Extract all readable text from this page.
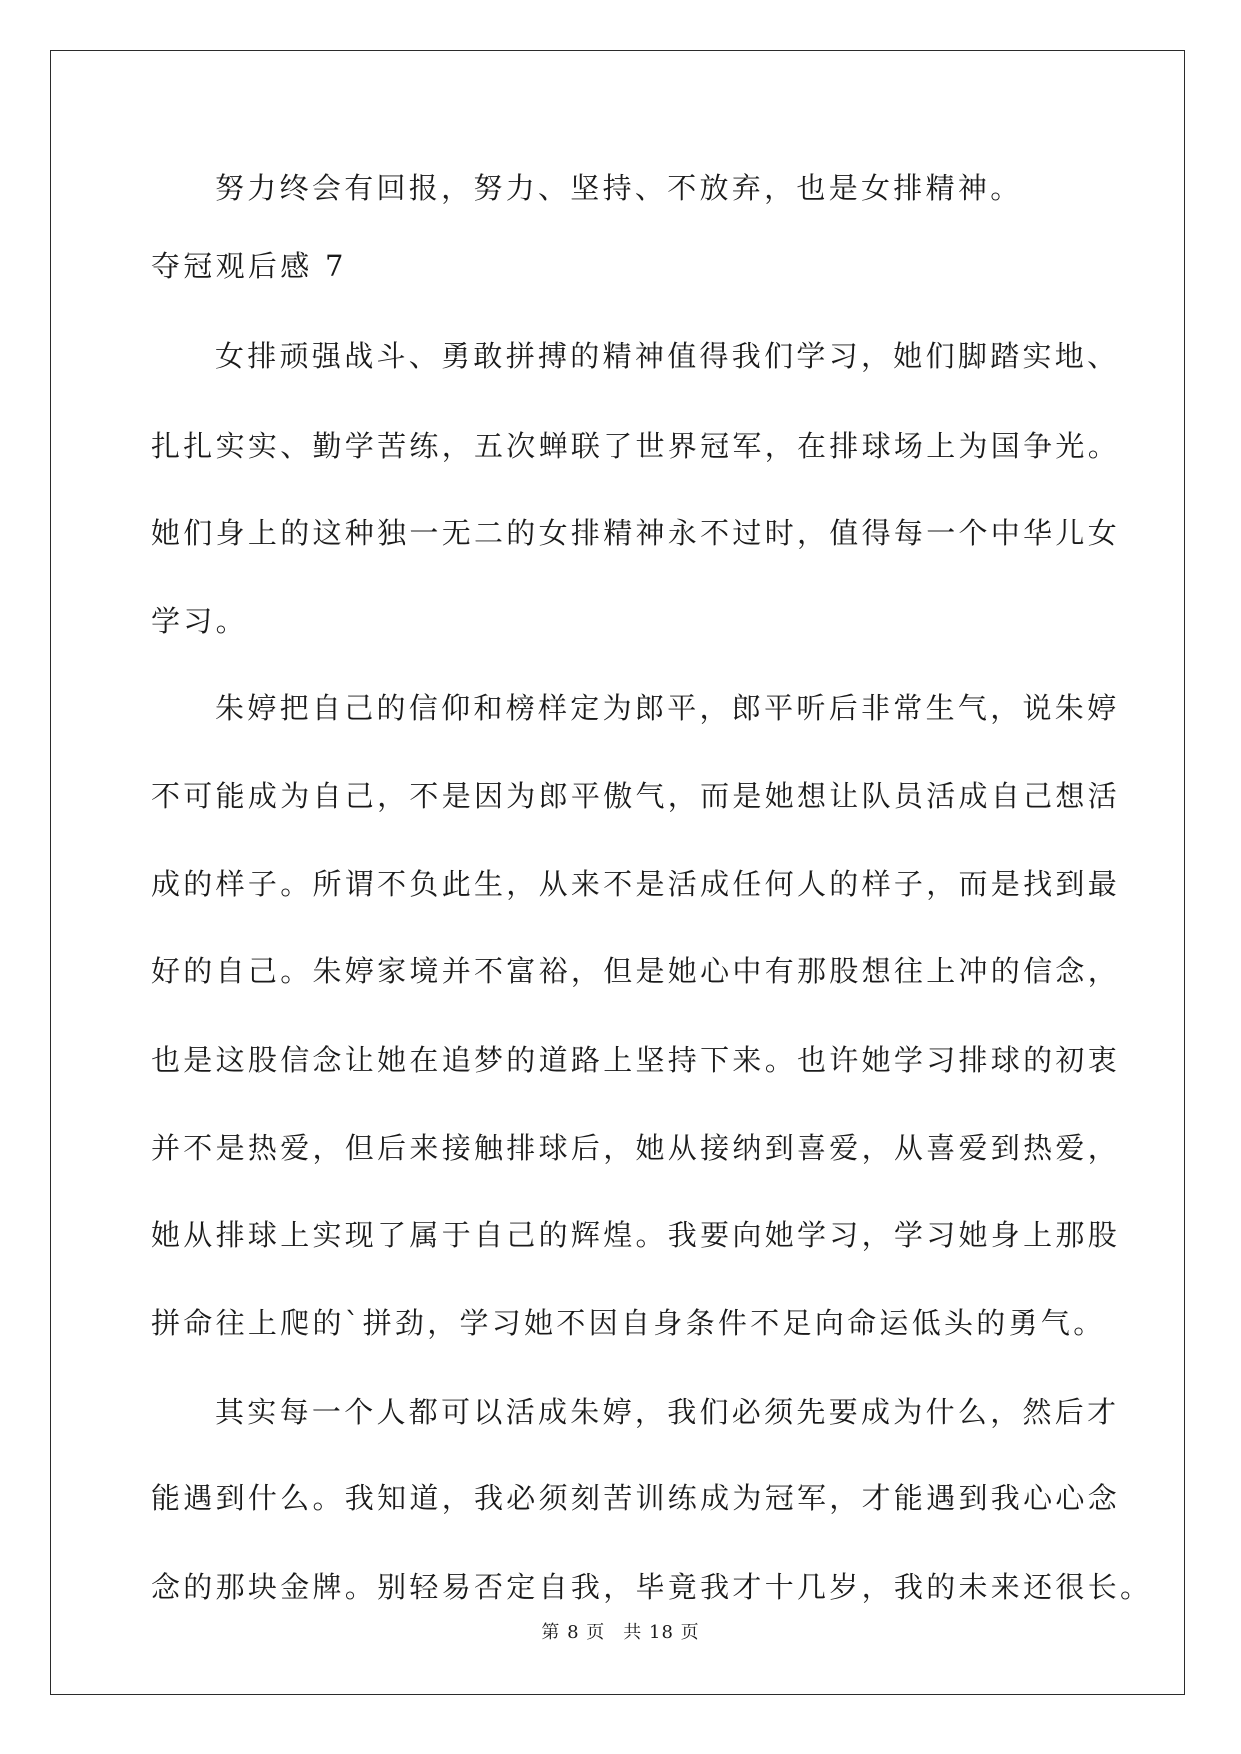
努力终会有回报，努力、坚持、不放弃，也是女排精神。

夺冠观后感 7

女排顽强战斗、勇敢拼搏的精神值得我们学习，她们脚踏实地、

扎扎实实、勤学苦练，五次蝉联了世界冠军，在排球场上为国争光。

她们身上的这种独一无二的女排精神永不过时，值得每一个中华儿女

学习。

朱婷把自己的信仰和榜样定为郎平，郎平听后非常生气，说朱婷

不可能成为自己，不是因为郎平傲气，而是她想让队员活成自己想活

成的样子。所谓不负此生，从来不是活成任何人的样子，而是找到最

好的自己。朱婷家境并不富裕，但是她心中有那股想往上冲的信念，

也是这股信念让她在追梦的道路上坚持下来。也许她学习排球的初衷

并不是热爱，但后来接触排球后，她从接纳到喜爱，从喜爱到热爱，

她从排球上实现了属于自己的辉煌。我要向她学习，学习她身上那股

拼命往上爬的`拼劲，学习她不因自身条件不足向命运低头的勇气。

其实每一个人都可以活成朱婷，我们必须先要成为什么，然后才

能遇到什么。我知道，我必须刻苦训练成为冠军，才能遇到我心心念

念的那块金牌。别轻易否定自我，毕竟我才十几岁，我的未来还很长。

第 8 页 共 18 页
